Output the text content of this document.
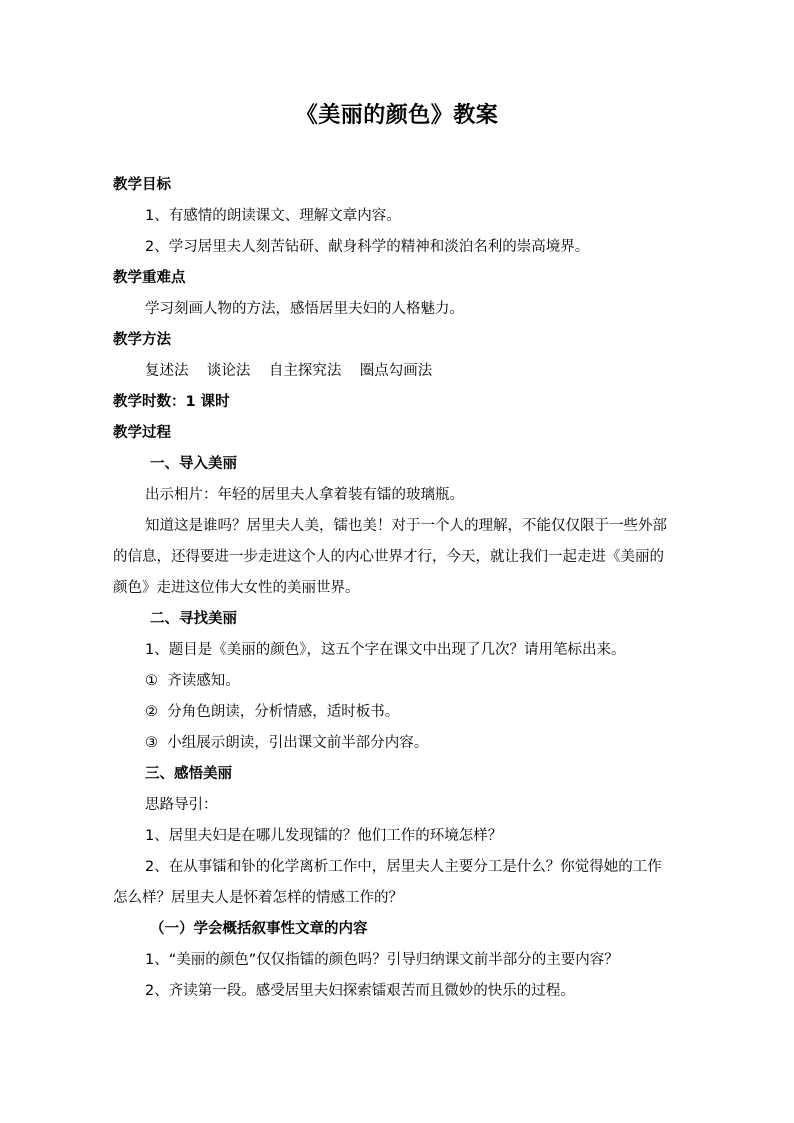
《美丽的颜色》教案
教学目标
1、有感情的朗读课文、理解文章内容。
2、学习居里夫人刻苦钻研、献身科学的精神和淡泊名利的崇高境界。
教学重难点
学习刻画人物的方法，感悟居里夫妇的人格魅力。
教学方法
复述法    谈论法    自主探究法    圈点勾画法
教学时数：1 课时
教学过程
一、导入美丽
出示相片：年轻的居里夫人拿着装有镭的玻璃瓶。
知道这是谁吗？居里夫人美，镭也美！对于一个人的理解，不能仅仅限于一些外部
的信息，还得要进一步走进这个人的内心世界才行，今天，就让我们一起走进《美丽的
颜色》走进这位伟大女性的美丽世界。
二、寻找美丽
1、题目是《美丽的颜色》，这五个字在课文中出现了几次？请用笔标出来。
①  齐读感知。
②  分角色朗读，分析情感，适时板书。
③  小组展示朗读，引出课文前半部分内容。
三、感悟美丽
思路导引：
1、居里夫妇是在哪儿发现镭的？他们工作的环境怎样？
2、在从事镭和钋的化学离析工作中，居里夫人主要分工是什么？你觉得她的工作
怎么样？居里夫人是怀着怎样的情感工作的？
（一）学会概括叙事性文章的内容
1、“美丽的颜色”仅仅指镭的颜色吗？引导归纳课文前半部分的主要内容？
2、齐读第一段。感受居里夫妇探索镭艰苦而且微妙的快乐的过程。
